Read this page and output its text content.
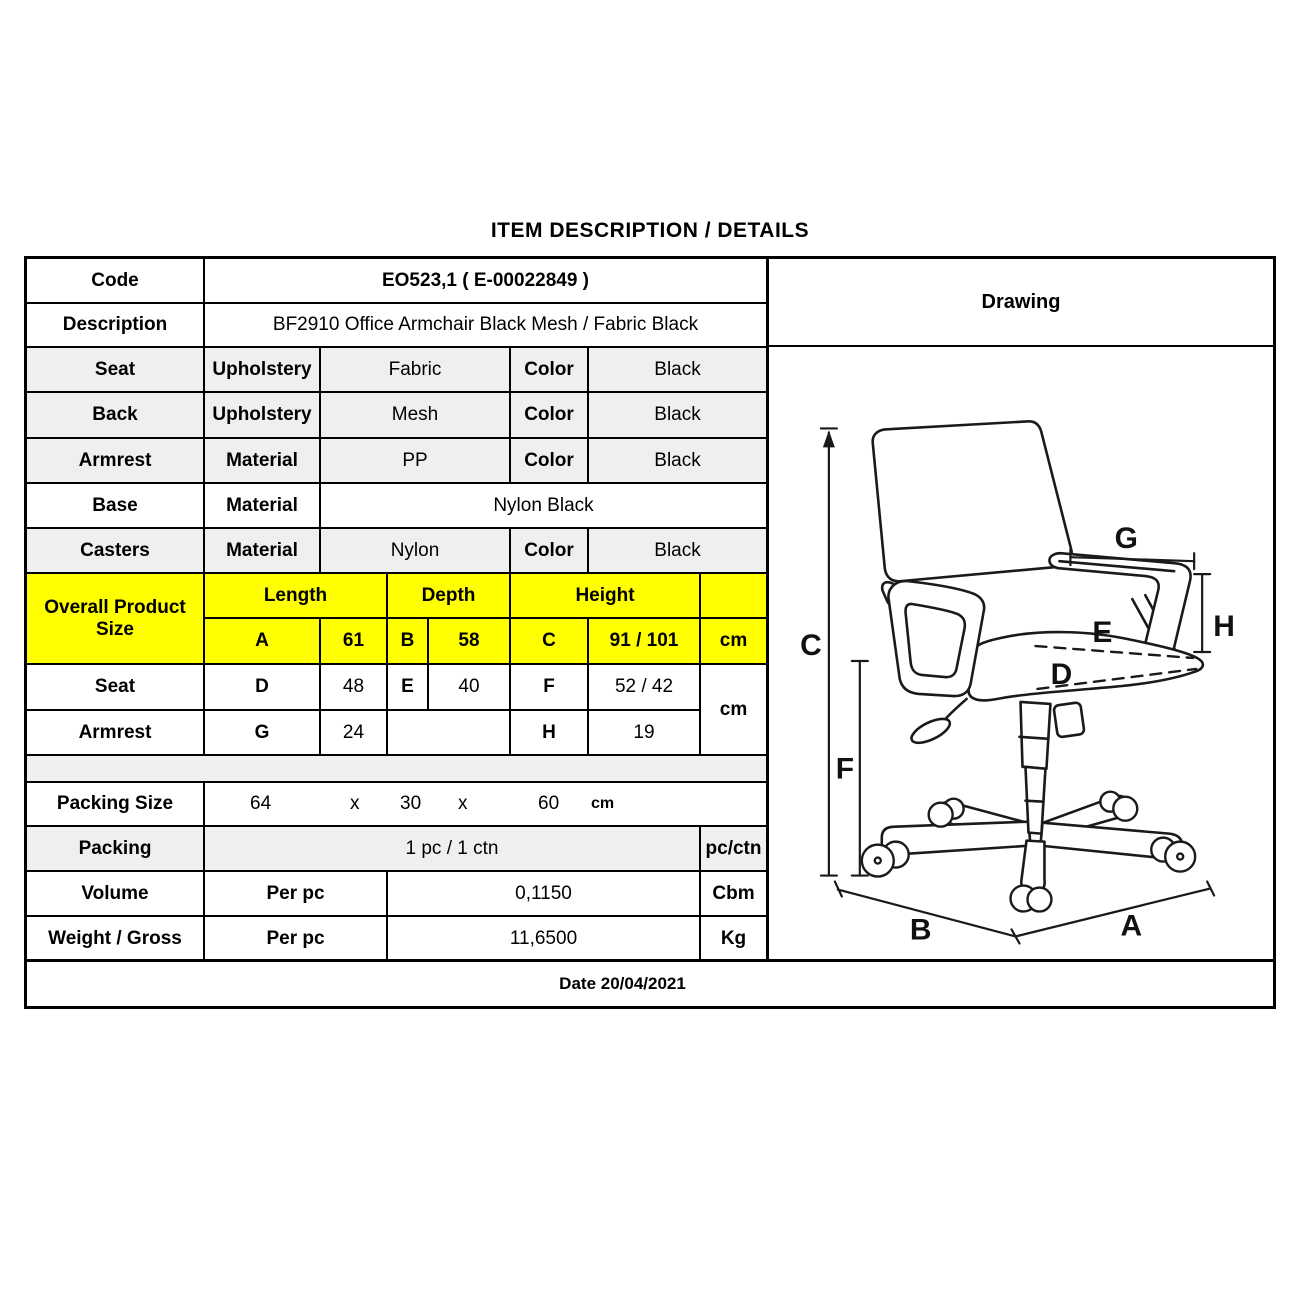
ITEM DESCRIPTION / DETAILS
Code	EO523,1 ( E-00022849 )						
Description	BF2910 Office Armchair Black Mesh / Fabric Black						
Seat	Upholstery	Fabric			Color	Black	
Back	Upholstery	Mesh			Color	Black	
Armrest	Material	PP			Color	Black	
Base	Material	Nylon Black					
Casters	Material	Nylon			Color	Black	
Overall Product Size	Length		Depth		Height		
	A	61	B	58	C	91 / 101	cm
Seat	D	48	E	40	F	52 / 42	cm
Armrest	G	24			H	19	

Packing Size	64	x 30 x	60 cm

Packing	1 pc / 1 ctn						pc/ctn
Volume	Per pc		0,1150				Cbm
Weight / Gross	Per pc		11,6500				Kg
Drawing
C
F
G
H
E
D
B	A
Date 20/04/2021
